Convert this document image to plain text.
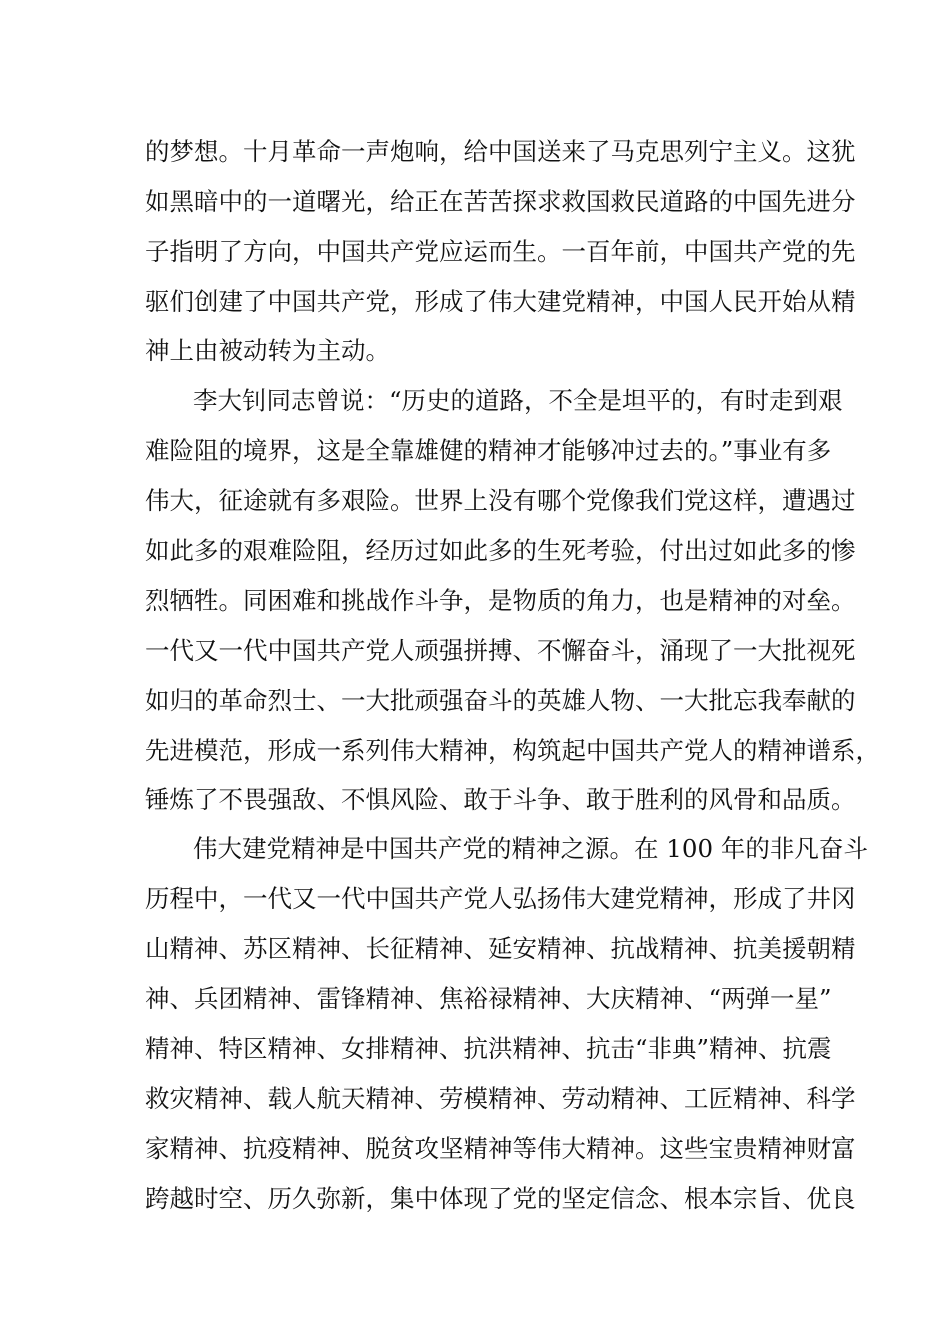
的梦想。十月革命一声炮响，给中国送来了马克思列宁主义。这犹
如黑暗中的一道曙光，给正在苦苦探求救国救民道路的中国先进分
子指明了方向，中国共产党应运而生。一百年前，中国共产党的先
驱们创建了中国共产党，形成了伟大建党精神，中国人民开始从精
神上由被动转为主动。
李大钊同志曾说：“历史的道路，不全是坦平的，有时走到艰
难险阻的境界，这是全靠雄健的精神才能够冲过去的。”事业有多
伟大，征途就有多艰险。世界上没有哪个党像我们党这样，遭遇过
如此多的艰难险阻，经历过如此多的生死考验，付出过如此多的惨
烈牺牲。同困难和挑战作斗争，是物质的角力，也是精神的对垒。
一代又一代中国共产党人顽强拼搏、不懈奋斗，涌现了一大批视死
如归的革命烈士、一大批顽强奋斗的英雄人物、一大批忘我奉献的
先进模范，形成一系列伟大精神，构筑起中国共产党人的精神谱系，
锤炼了不畏强敌、不惧风险、敢于斗争、敢于胜利的风骨和品质。
伟大建党精神是中国共产党的精神之源。在 100 年的非凡奋斗
历程中，一代又一代中国共产党人弘扬伟大建党精神，形成了井冈
山精神、苏区精神、长征精神、延安精神、抗战精神、抗美援朝精
神、兵团精神、雷锋精神、焦裕禄精神、大庆精神、“两弹一星”
精神、特区精神、女排精神、抗洪精神、抗击“非典”精神、抗震
救灾精神、载人航天精神、劳模精神、劳动精神、工匠精神、科学
家精神、抗疫精神、脱贫攻坚精神等伟大精神。这些宝贵精神财富
跨越时空、历久弥新，集中体现了党的坚定信念、根本宗旨、优良
